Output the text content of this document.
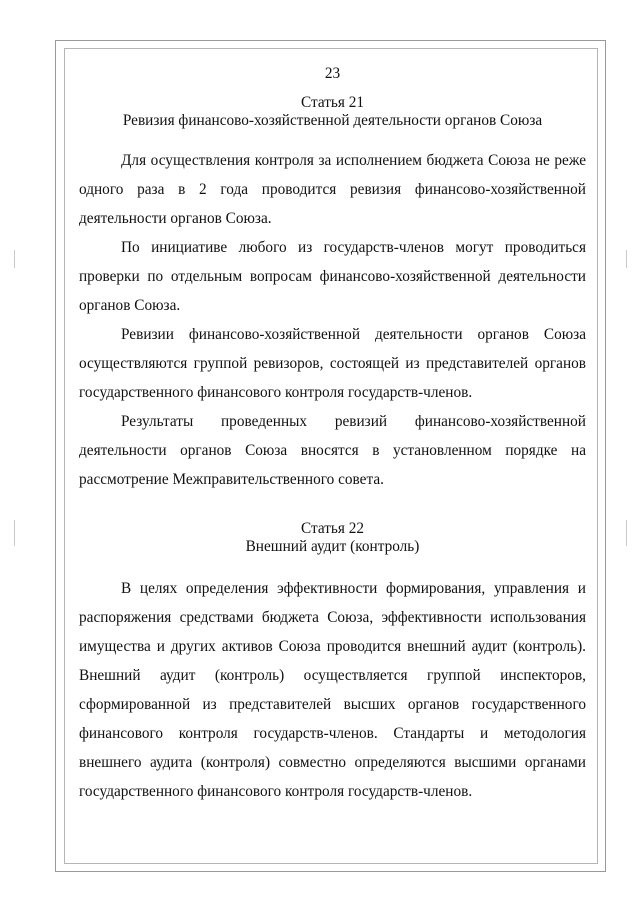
23
Статья 21
Ревизия финансово-хозяйственной деятельности органов Союза

Для осуществления контроля за исполнением бюджета Союза не реже одного раза в 2 года проводится ревизия финансово-хозяйственной деятельности органов Союза.

По инициативе любого из государств-членов могут проводиться проверки по отдельным вопросам финансово-хозяйственной деятельности органов Союза.

Ревизии финансово-хозяйственной деятельности органов Союза осуществляются группой ревизоров, состоящей из представителей органов государственного финансового контроля государств-членов.

Результаты проведенных ревизий финансово-хозяйственной деятельности органов Союза вносятся в установленном порядке на рассмотрение Межправительственного совета.

Статья 22
Внешний аудит (контроль)

В целях определения эффективности формирования, управления и распоряжения средствами бюджета Союза, эффективности использования имущества и других активов Союза проводится внешний аудит (контроль). Внешний аудит (контроль) осуществляется группой инспекторов, сформированной из представителей высших органов государственного финансового контроля государств-членов. Стандарты и методология внешнего аудита (контроля) совместно определяются высшими органами государственного финансового контроля государств-членов.
